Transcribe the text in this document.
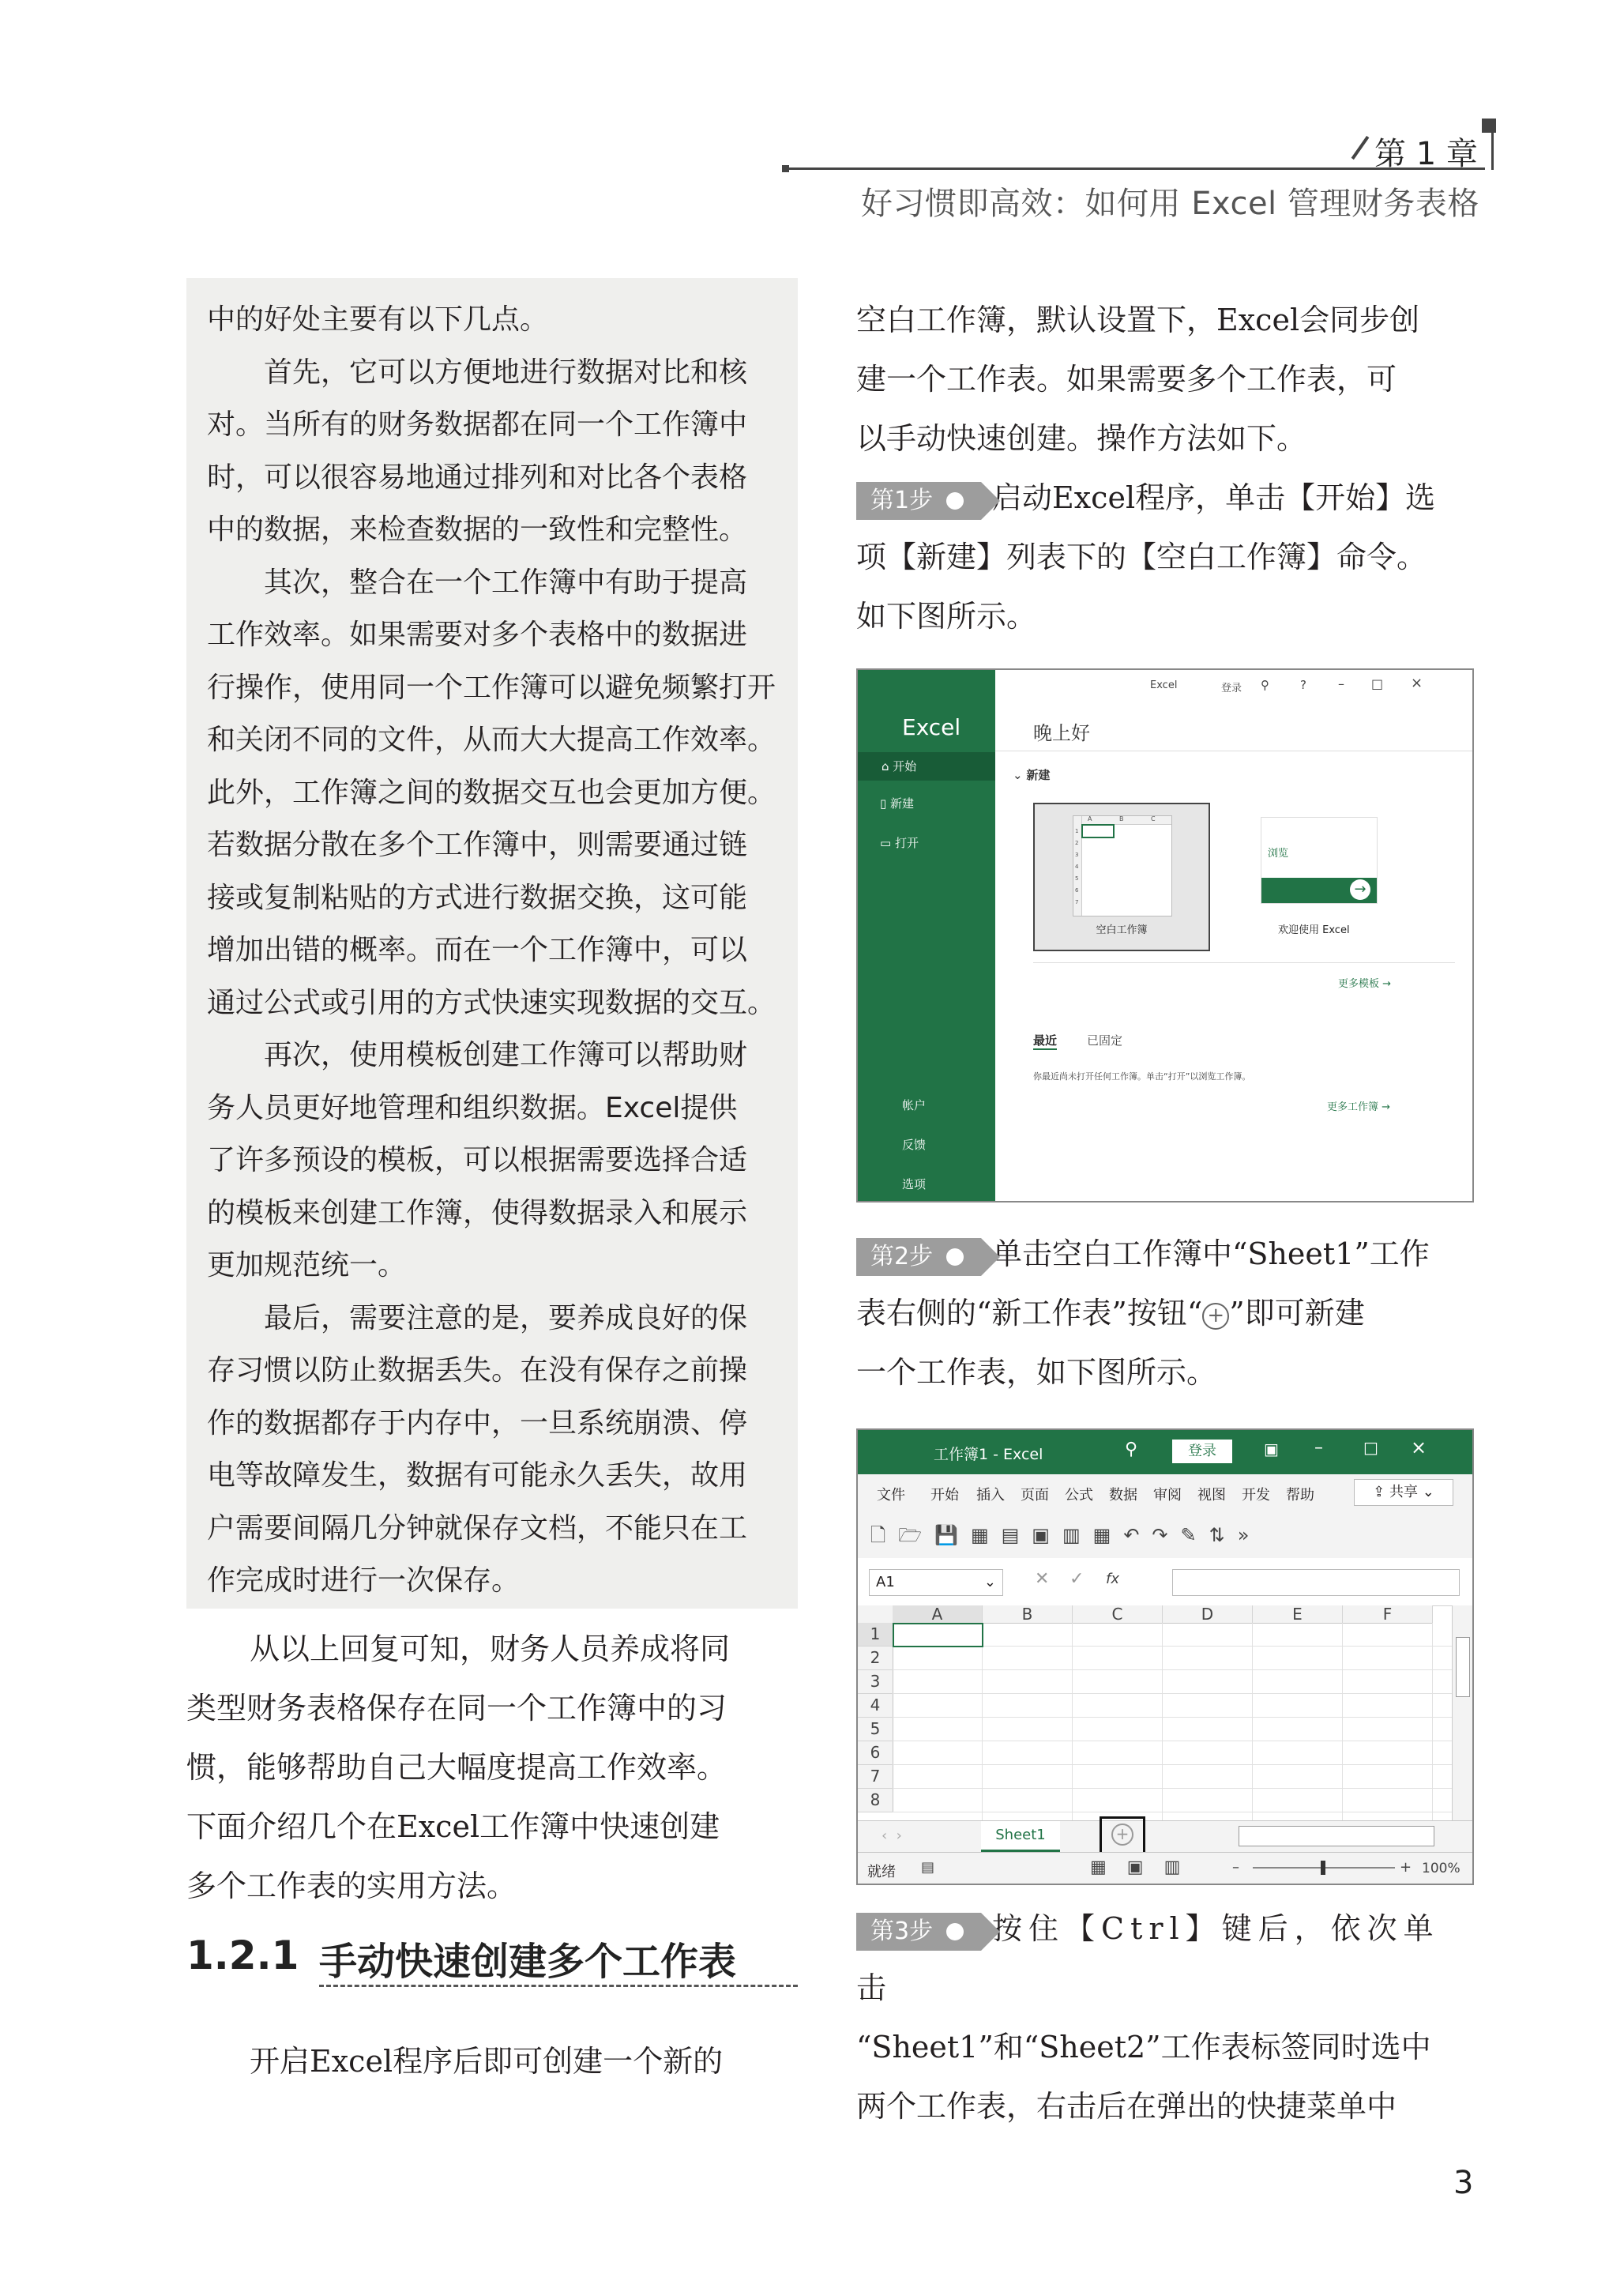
第 1 章
好习惯即高效：如何用 Excel 管理财务表格

中的好处主要有以下几点。

首先，它可以方便地进行数据对比和核

对。当所有的财务数据都在同一个工作簿中

时，可以很容易地通过排列和对比各个表格

中的数据，来检查数据的一致性和完整性。

其次，整合在一个工作簿中有助于提高

工作效率。如果需要对多个表格中的数据进

行操作，使用同一个工作簿可以避免频繁打开

和关闭不同的文件，从而大大提高工作效率。

此外，工作簿之间的数据交互也会更加方便。

若数据分散在多个工作簿中，则需要通过链

接或复制粘贴的方式进行数据交换，这可能

增加出错的概率。而在一个工作簿中，可以

通过公式或引用的方式快速实现数据的交互。

再次，使用模板创建工作簿可以帮助财

务人员更好地管理和组织数据。Excel提供

了许多预设的模板，可以根据需要选择合适

的模板来创建工作簿，使得数据录入和展示

更加规范统一。

最后，需要注意的是，要养成良好的保

存习惯以防止数据丢失。在没有保存之前操

作的数据都存于内存中，一旦系统崩溃、停

电等故障发生，数据有可能永久丢失，故用

户需要间隔几分钟就保存文档，不能只在工

作完成时进行一次保存。

从以上回复可知，财务人员养成将同

类型财务表格保存在同一个工作簿中的习

惯，能够帮助自己大幅度提高工作效率。

下面介绍几个在Excel工作簿中快速创建

多个工作表的实用方法。

1.2.1 手动快速创建多个工作表
开启Excel程序后即可创建一个新的

空白工作簿，默认设置下，Excel会同步创

建一个工作表。如果需要多个工作表，可

以手动快速创建。操作方法如下。

第1步 启动Excel程序，单击【开始】选

项【新建】列表下的【空白工作簿】命令。

如下图所示。

Excel
⌂ 开始
▯ 新建
▭ 打开
帐户
反馈
选项
Excel	登录 ⚲	?	– □ ×
晚上好
⌄ 新建
A	B	C
1
2
3
4
5
6
7
空白工作簿
浏览
→
欢迎使用 Excel
更多模板 →
最近	已固定
你最近尚未打开任何工作簿。单击“打开”以浏览工作簿。
更多工作簿 →

第2步 单击空白工作簿中“Sheet1”工作

表右侧的“新工作表”按钮“ + ”即可新建

一个工作表，如下图所示。

工作簿1 - Excel	⚲	登录	▣ –	□ ×
文件 开始 插入 页面 公式 数据 审阅 视图 开发 帮助	⇪ 共享 ⌄
🗋🗁💾▦▤▣▥▦↶↷✎⇅»
A1	⌄ ✕ ✓ fx
A	B	C	D	E	F
1
2
3
4
5
6
7
8
‹  ›	Sheet1	+
就绪 ▤	▦▣▥ –	+ 100%

第3步 按住【Ctrl】键后，依次单击

“Sheet1”和“Sheet2”工作表标签同时选中

两个工作表，右击后在弹出的快捷菜单中

3
